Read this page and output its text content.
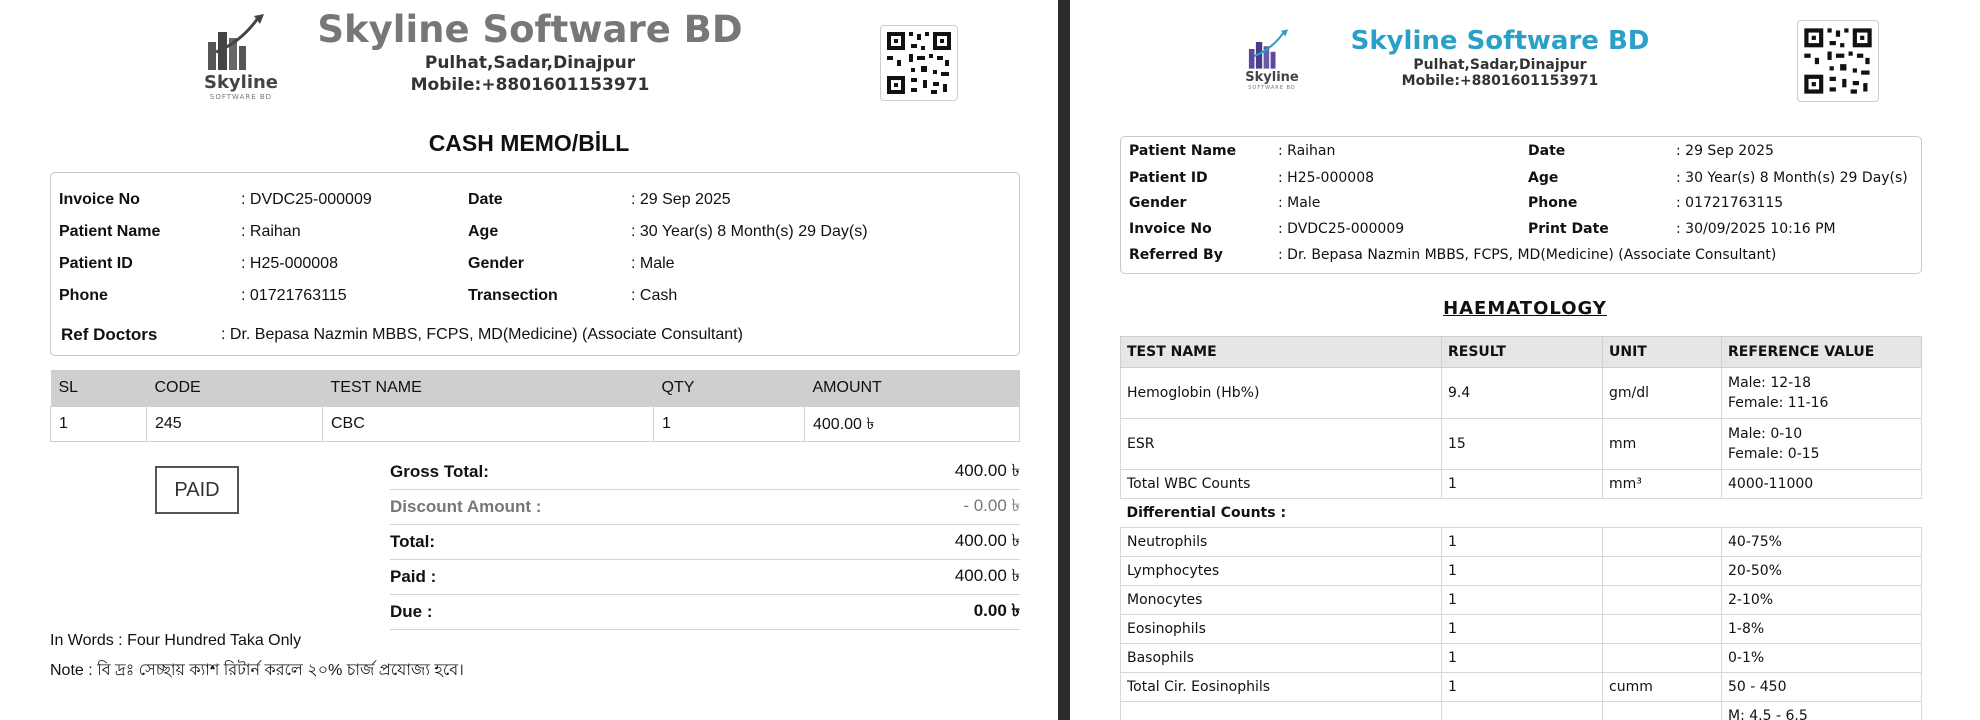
Skyline
SOFTWARE BD
Skyline Software BD
Pulhat,Sadar,Dinajpur
Mobile:+8801601153971
CASH MEMO/BİLL
Invoice No	: DVDC25-000009	Date	: 29 Sep 2025
Patient Name	: Raihan	Age	: 30 Year(s) 8 Month(s) 29 Day(s)
Patient ID	: H25-000008	Gender	: Male
Phone	: 01721763115	Transection	: Cash
Ref Doctors	: Dr. Bepasa Nazmin MBBS, FCPS, MD(Medicine) (Associate Consultant)
SL	CODE	TEST NAME	QTY	AMOUNT
1	245	CBC	1	400.00 ৳
PAID
Gross Total:	400.00 ৳
Discount Amount :	- 0.00 ৳
Total:	400.00 ৳
Paid :	400.00 ৳
Due :	0.00 ৳
In Words : Four Hundred Taka Only
Note : বি দ্রঃ সেচ্ছায় ক্যাশ রিটার্ন করলে ২০% চার্জ প্রযোজ্য হবে।
Skyline
SOFTWARE BD
Skyline Software BD
Pulhat,Sadar,Dinajpur
Mobile:+8801601153971
Patient Name	: Raihan	Date	: 29 Sep 2025
Patient ID	: H25-000008	Age	: 30 Year(s) 8 Month(s) 29 Day(s)
Gender	: Male	Phone	: 01721763115
Invoice No	: DVDC25-000009	Print Date	: 30/09/2025 10:16 PM
Referred By	: Dr. Bepasa Nazmin MBBS, FCPS, MD(Medicine) (Associate Consultant)
HAEMATOLOGY
TEST NAME	RESULT	UNIT	REFERENCE VALUE
Hemoglobin (Hb%)	9.4	gm/dl	Male: 12-18
Female: 11-16

ESR	15	mm	Male: 0-10
Female: 0-15

Total WBC Counts	1	mm³	4000-11000

Differential Counts :			
Neutrophils	1		40-75%

Lymphocytes	1		20-50%

Monocytes	1		2-10%

Eosinophils	1		1-8%

Basophils	1		0-1%

Total Cir. Eosinophils	1	cumm	50 - 450

			M: 4.5 - 6.5
